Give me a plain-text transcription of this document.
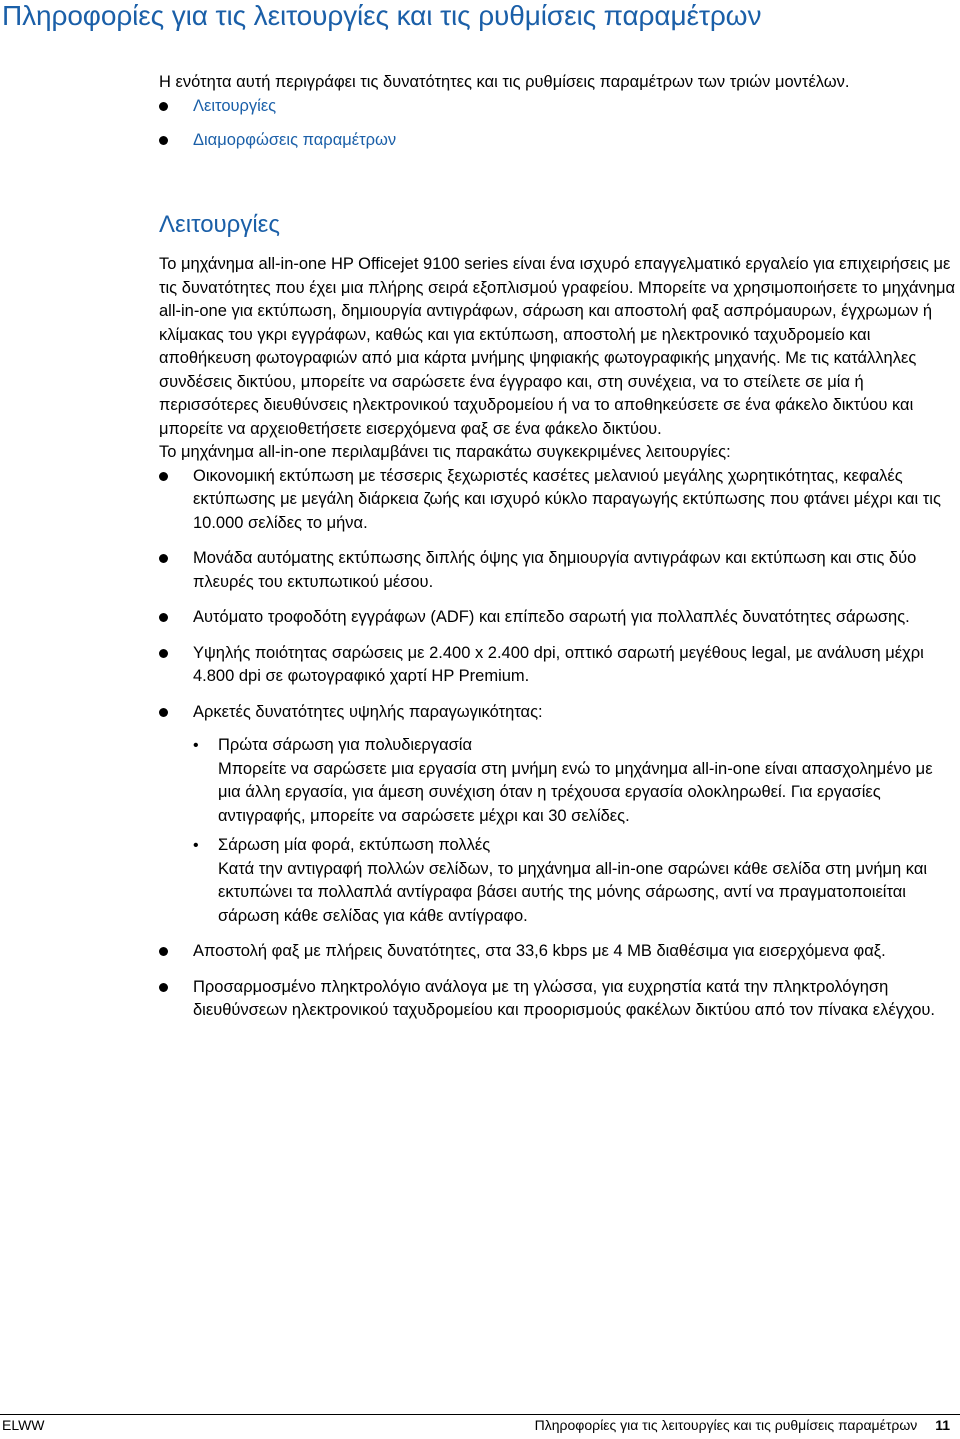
Πληροφορίες για τις λειτουργίες και τις ρυθμίσεις παραμέτρων

Η ενότητα αυτή περιγράφει τις δυνατότητες και τις ρυθμίσεις παραμέτρων των τριών μοντέλων.

Λειτουργίες
Διαμορφώσεις παραμέτρων
Λειτουργίες

Το μηχάνημα all-in-one HP Officejet 9100 series είναι ένα ισχυρό επαγγελματικό εργαλείο για επιχειρήσεις με τις δυνατότητες που έχει μια πλήρης σειρά εξοπλισμού γραφείου. Μπορείτε να χρησιμοποιήσετε το μηχάνημα all-in-one για εκτύπωση, δημιουργία αντιγράφων, σάρωση και αποστολή φαξ ασπρόμαυρων, έγχρωμων ή κλίμακας του γκρι εγγράφων, καθώς και για εκτύπωση, αποστολή με ηλεκτρονικό ταχυδρομείο και αποθήκευση φωτογραφιών από μια κάρτα μνήμης ψηφιακής φωτογραφικής μηχανής. Με τις κατάλληλες συνδέσεις δικτύου, μπορείτε να σαρώσετε ένα έγγραφο και, στη συνέχεια, να το στείλετε σε μία ή περισσότερες διευθύνσεις ηλεκτρονικού ταχυδρομείου ή να το αποθηκεύσετε σε ένα φάκελο δικτύου και μπορείτε να αρχειοθετήσετε εισερχόμενα φαξ σε ένα φάκελο δικτύου.

Το μηχάνημα all-in-one περιλαμβάνει τις παρακάτω συγκεκριμένες λειτουργίες:

Οικονομική εκτύπωση με τέσσερις ξεχωριστές κασέτες μελανιού μεγάλης χωρητικότητας, κεφαλές εκτύπωσης με μεγάλη διάρκεια ζωής και ισχυρό κύκλο παραγωγής εκτύπωσης που φτάνει μέχρι και τις 10.000 σελίδες το μήνα.
Μονάδα αυτόματης εκτύπωσης διπλής όψης για δημιουργία αντιγράφων και εκτύπωση και στις δύο πλευρές του εκτυπωτικού μέσου.
Αυτόματο τροφοδότη εγγράφων (ADF) και επίπεδο σαρωτή για πολλαπλές δυνατότητες σάρωσης.
Υψηλής ποιότητας σαρώσεις με 2.400 x 2.400 dpi, οπτικό σαρωτή μεγέθους legal, με ανάλυση μέχρι 4.800 dpi σε φωτογραφικό χαρτί HP Premium.
Αρκετές δυνατότητες υψηλής παραγωγικότητας:
• Πρώτα σάρωση για πολυδιεργασία
Μπορείτε να σαρώσετε μια εργασία στη μνήμη ενώ το μηχάνημα all-in-one είναι απασχολημένο με μια άλλη εργασία, για άμεση συνέχιση όταν η τρέχουσα εργασία ολοκληρωθεί. Για εργασίες αντιγραφής, μπορείτε να σαρώσετε μέχρι και 30 σελίδες.
• Σάρωση μία φορά, εκτύπωση πολλές
Κατά την αντιγραφή πολλών σελίδων, το μηχάνημα all-in-one σαρώνει κάθε σελίδα στη μνήμη και εκτυπώνει τα πολλαπλά αντίγραφα βάσει αυτής της μόνης σάρωσης, αντί να πραγματοποιείται σάρωση κάθε σελίδας για κάθε αντίγραφο.
Αποστολή φαξ με πλήρεις δυνατότητες, στα 33,6 kbps με 4 MB διαθέσιμα για εισερχόμενα φαξ.
Προσαρμοσμένο πληκτρολόγιο ανάλογα με τη γλώσσα, για ευχρηστία κατά την πληκτρολόγηση διευθύνσεων ηλεκτρονικού ταχυδρομείου και προορισμούς φακέλων δικτύου από τον πίνακα ελέγχου.
ELWW	Πληροφορίες για τις λειτουργίες και τις ρυθμίσεις παραμέτρων 11
